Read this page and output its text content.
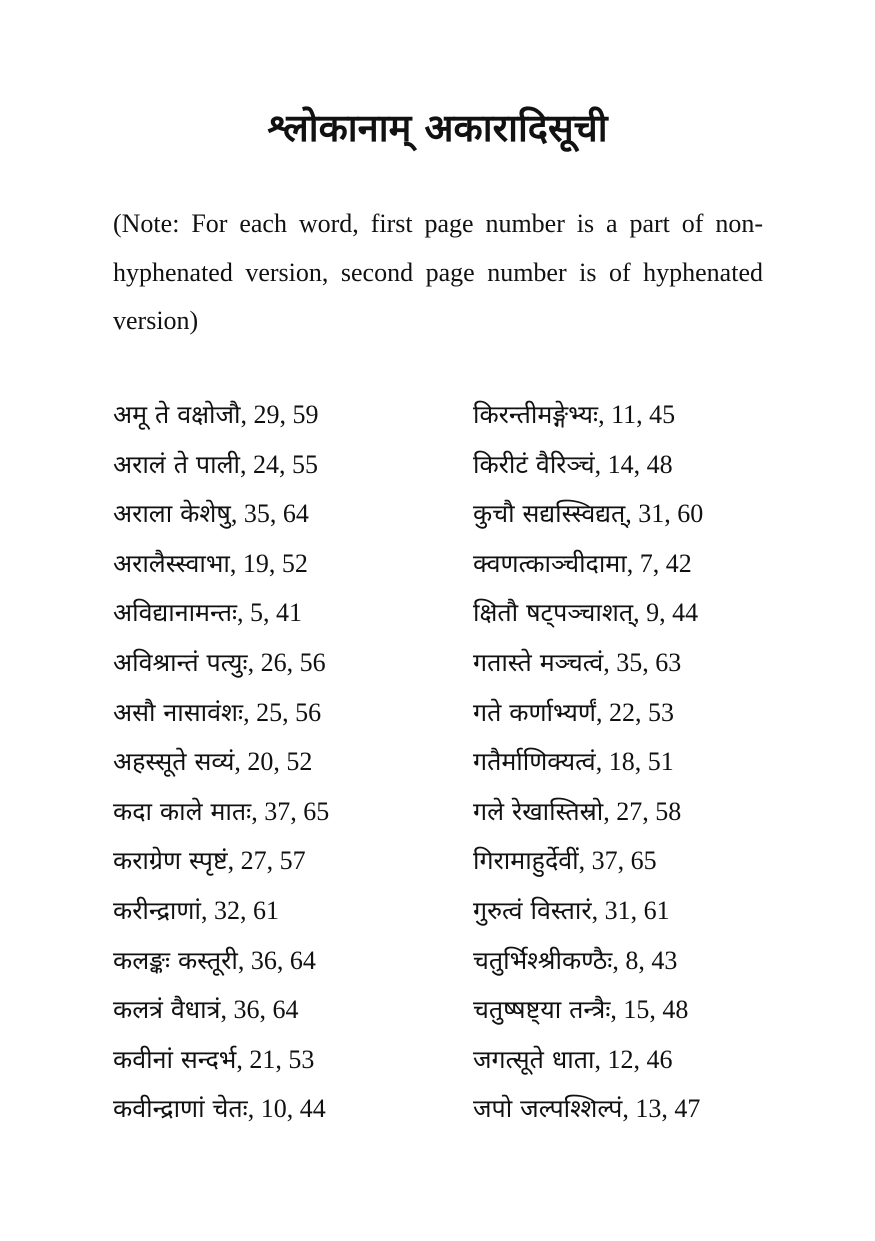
श्लोकानाम् अकारादिसूची

(Note: For each word, first page number is a part of non-hyphenated version, second page number is of hyphenated version)

अमू ते वक्षोजौ, 29, 59
अरालं ते पाली, 24, 55
अराला केशेषु, 35, 64
अरालैस्स्वाभा, 19, 52
अविद्यानामन्तः, 5, 41
अविश्रान्तं पत्युः, 26, 56
असौ नासावंशः, 25, 56
अहस्सूते सव्यं, 20, 52
कदा काले मातः, 37, 65
कराग्रेण स्पृष्टं, 27, 57
करीन्द्राणां, 32, 61
कलङ्कः कस्तूरी, 36, 64
कलत्रं वैधात्रं, 36, 64
कवीनां सन्दर्भ, 21, 53
कवीन्द्राणां चेतः, 10, 44
किरन्तीमङ्गेभ्यः, 11, 45
किरीटं वैरिञ्चं, 14, 48
कुचौ सद्यस्स्विद्यत्, 31, 60
क्वणत्काञ्चीदामा, 7, 42
क्षितौ षट्पञ्चाशत्, 9, 44
गतास्ते मञ्चत्वं, 35, 63
गते कर्णाभ्यर्णं, 22, 53
गतैर्माणिक्यत्वं, 18, 51
गले रेखास्तिस्रो, 27, 58
गिरामाहुर्देवीं, 37, 65
गुरुत्वं विस्तारं, 31, 61
चतुर्भिश्श्रीकण्ठैः, 8, 43
चतुष्षष्ट्या तन्त्रैः, 15, 48
जगत्सूते धाता, 12, 46
जपो जल्पश्शिल्पं, 13, 47
